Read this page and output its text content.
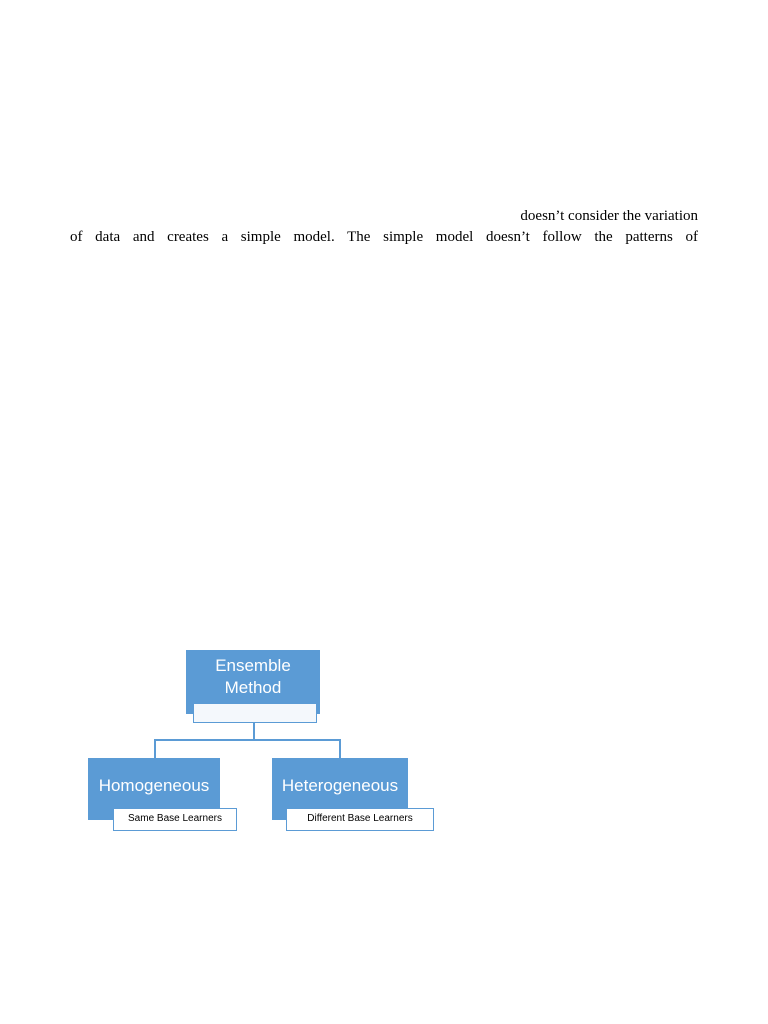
doesn’t consider the variation
of data and creates a simple model. The simple model doesn’t follow the patterns of
Ensemble
Method
Homogeneous
Same Base Learners
Heterogeneous
Different Base Learners
